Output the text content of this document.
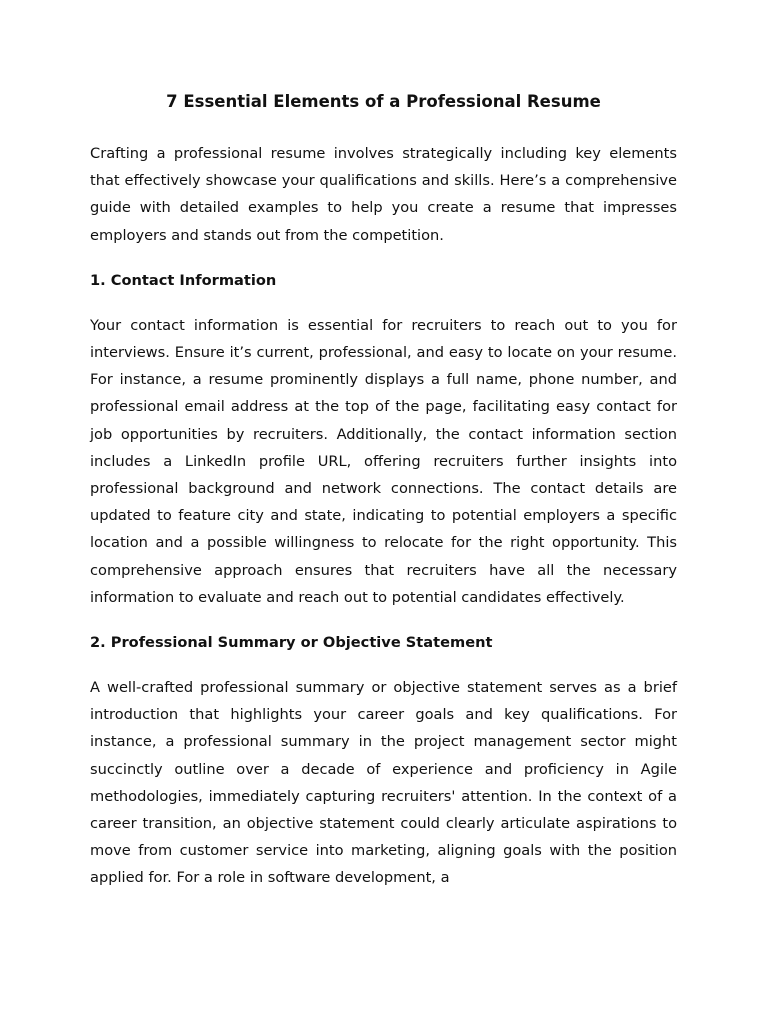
7 Essential Elements of a Professional Resume

Crafting a professional resume involves strategically including key elements that effectively showcase your qualifications and skills. Here’s a comprehensive guide with detailed examples to help you create a resume that impresses employers and stands out from the competition.

1. Contact Information

Your contact information is essential for recruiters to reach out to you for interviews. Ensure it’s current, professional, and easy to locate on your resume. For instance, a resume prominently displays a full name, phone number, and professional email address at the top of the page, facilitating easy contact for job opportunities by recruiters. Additionally, the contact information section includes a LinkedIn profile URL, offering recruiters further insights into professional background and network connections. The contact details are updated to feature city and state, indicating to potential employers a specific location and a possible willingness to relocate for the right opportunity. This comprehensive approach ensures that recruiters have all the necessary information to evaluate and reach out to potential candidates effectively.

2. Professional Summary or Objective Statement

A well-crafted professional summary or objective statement serves as a brief introduction that highlights your career goals and key qualifications. For instance, a professional summary in the project management sector might succinctly outline over a decade of experience and proficiency in Agile methodologies, immediately capturing recruiters' attention. In the context of a career transition, an objective statement could clearly articulate aspirations to move from customer service into marketing, aligning goals with the position applied for. For a role in software development, a
